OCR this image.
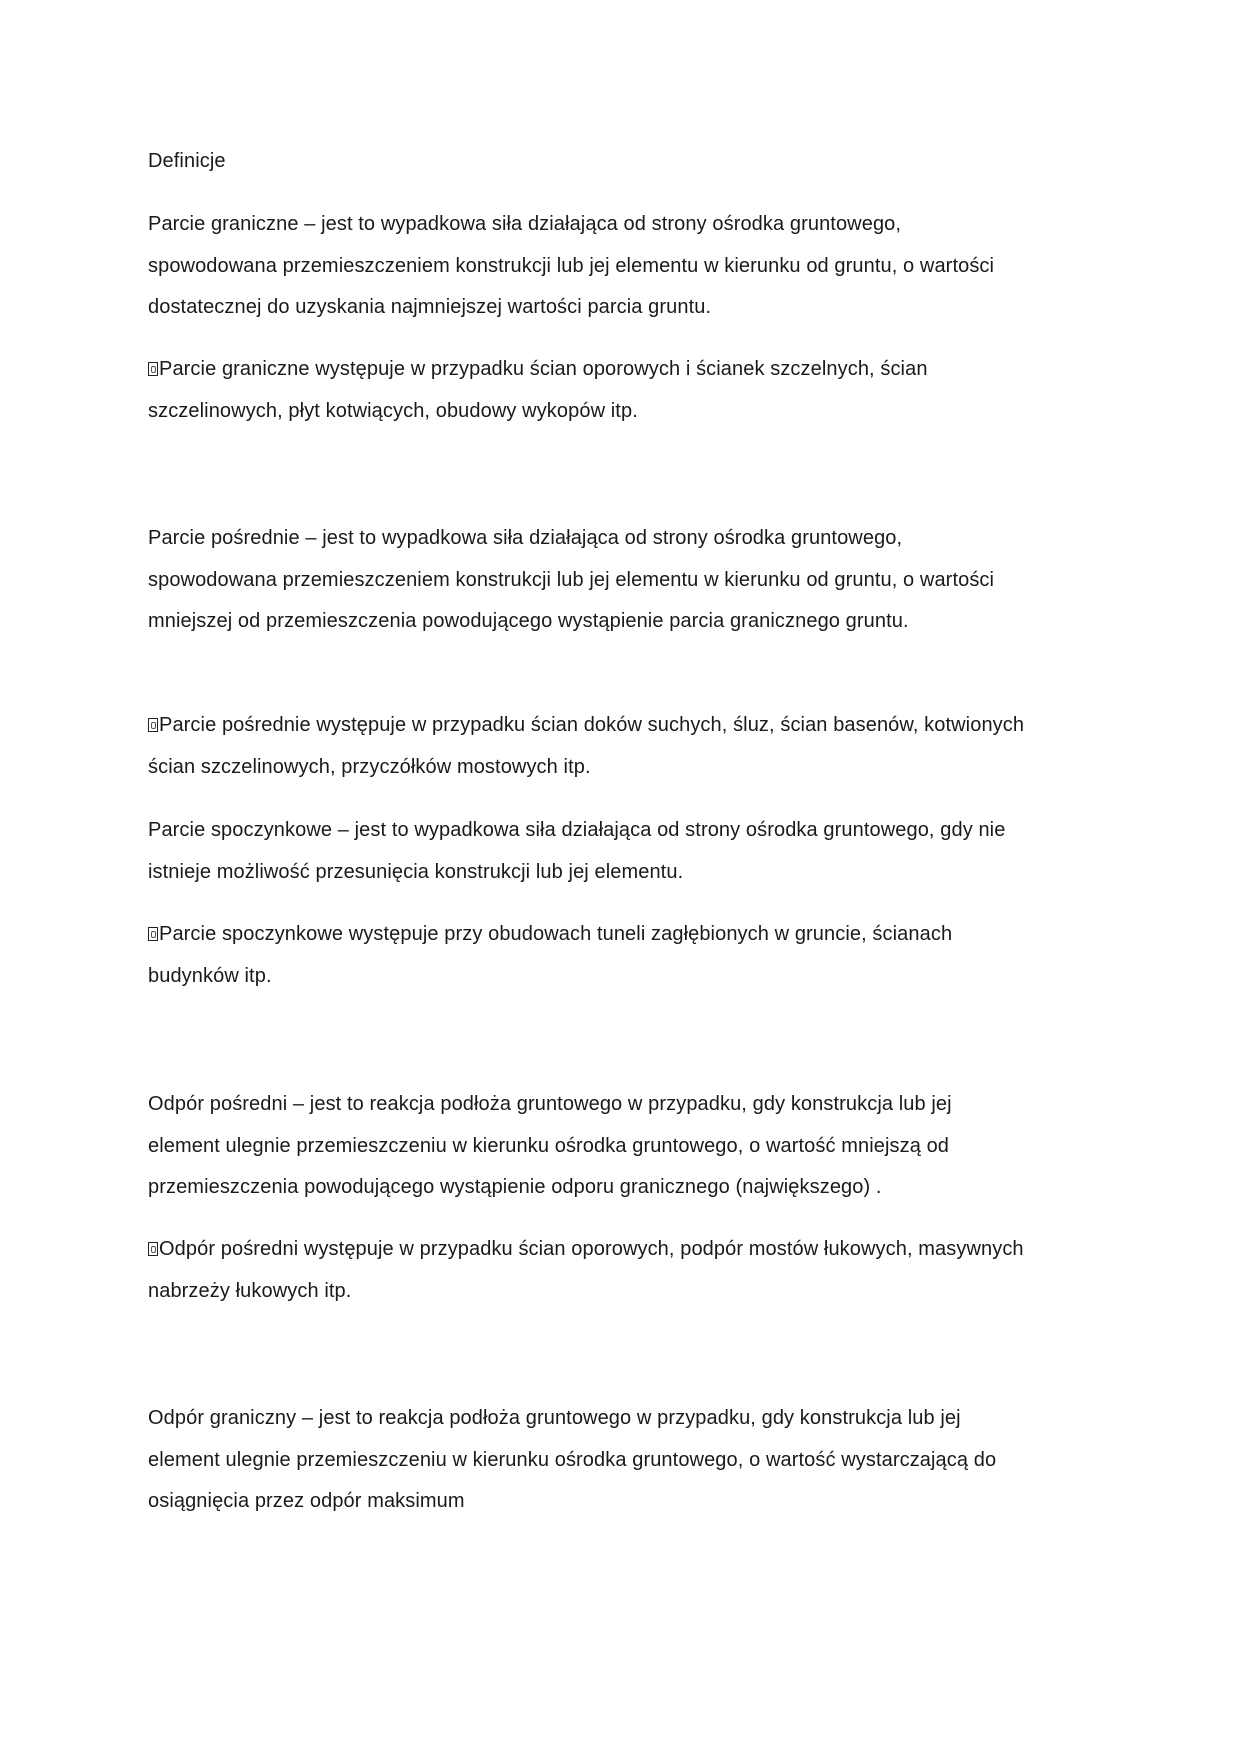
Definicje

Parcie graniczne – jest to wypadkowa siła działająca od strony ośrodka gruntowego, spowodowana przemieszczeniem konstrukcji lub jej elementu w kierunku od gruntu, o wartości dostatecznej do uzyskania najmniejszej wartości parcia gruntu.

Parcie graniczne występuje w przypadku ścian oporowych i ścianek szczelnych, ścian szczelinowych, płyt kotwiących, obudowy wykopów itp.

Parcie pośrednie – jest to wypadkowa siła działająca od strony ośrodka gruntowego, spowodowana przemieszczeniem konstrukcji lub jej elementu w kierunku od gruntu, o wartości mniejszej od przemieszczenia powodującego wystąpienie parcia granicznego gruntu.

Parcie pośrednie występuje w przypadku ścian doków suchych, śluz, ścian basenów, kotwionych ścian szczelinowych, przyczółków mostowych itp.

Parcie spoczynkowe – jest to wypadkowa siła działająca od strony ośrodka gruntowego, gdy nie istnieje możliwość przesunięcia konstrukcji lub jej elementu.

Parcie spoczynkowe występuje przy obudowach tuneli zagłębionych w gruncie, ścianach budynków itp.

Odpór pośredni – jest to reakcja podłoża gruntowego w przypadku, gdy konstrukcja lub jej element ulegnie przemieszczeniu w kierunku ośrodka gruntowego, o wartość mniejszą od przemieszczenia powodującego wystąpienie odporu granicznego (największego) .

Odpór pośredni występuje w przypadku ścian oporowych, podpór mostów łukowych, masywnych nabrzeży łukowych itp.

Odpór graniczny – jest to reakcja podłoża gruntowego w przypadku, gdy konstrukcja lub jej element ulegnie przemieszczeniu w kierunku ośrodka gruntowego, o wartość wystarczającą do osiągnięcia przez odpór maksimum
